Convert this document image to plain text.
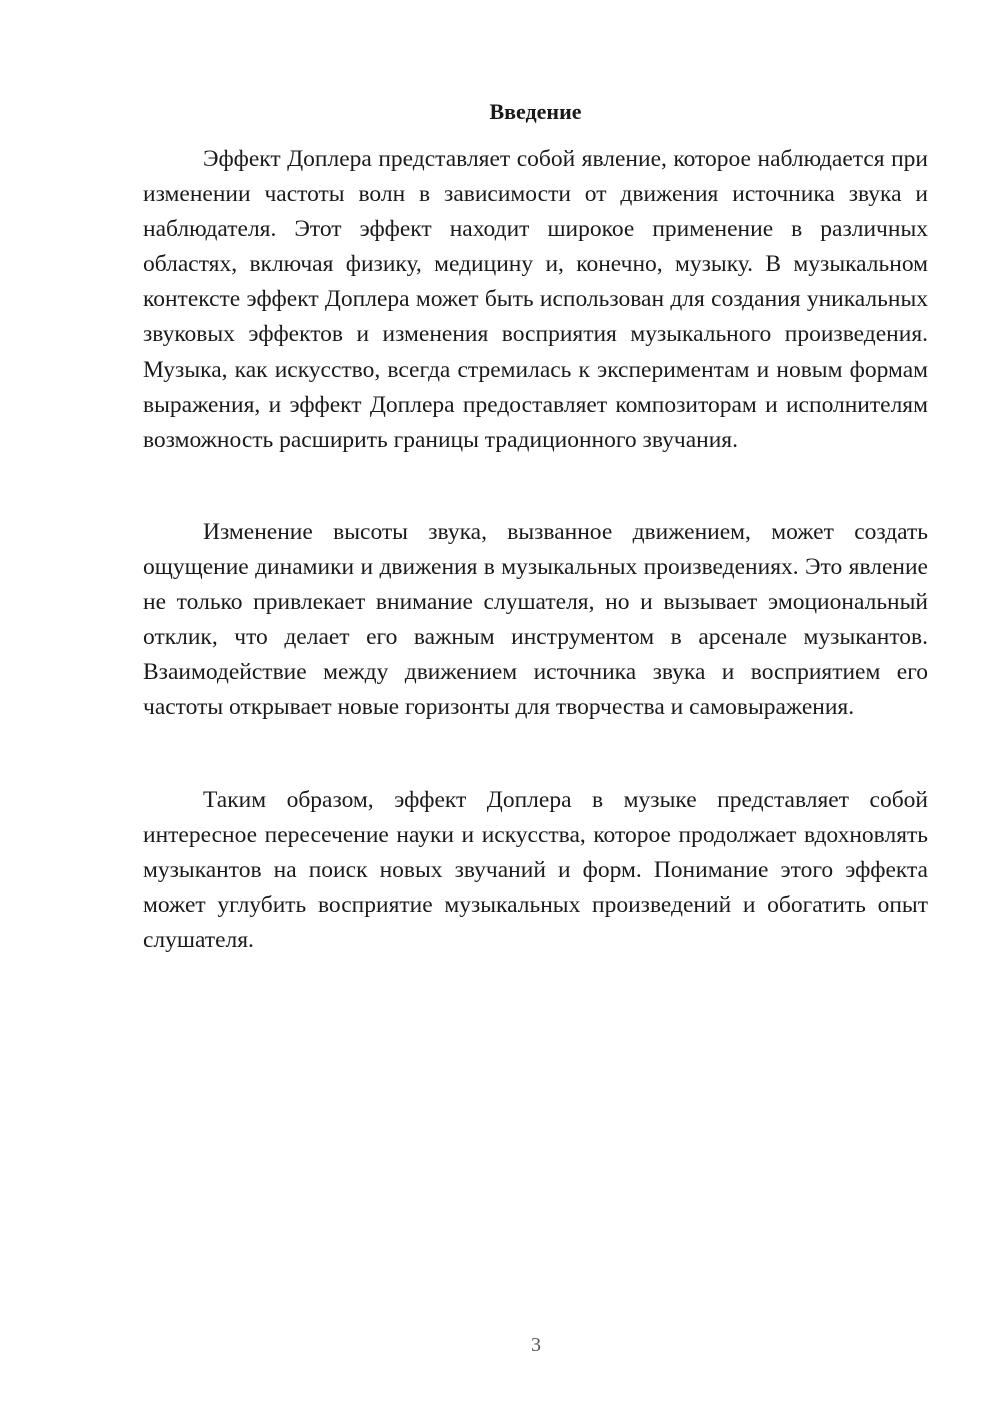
Введение

Эффект Доплера представляет собой явление, которое наблюдается при изменении частоты волн в зависимости от движения источника звука и наблюдателя. Этот эффект находит широкое применение в различных областях, включая физику, медицину и, конечно, музыку. В музыкальном контексте эффект Доплера может быть использован для создания уникальных звуковых эффектов и изменения восприятия музыкального произведения. Музыка, как искусство, всегда стремилась к экспериментам и новым формам выражения, и эффект Доплера предоставляет композиторам и исполнителям возможность расширить границы традиционного звучания.

Изменение высоты звука, вызванное движением, может создать ощущение динамики и движения в музыкальных произведениях. Это явление не только привлекает внимание слушателя, но и вызывает эмоциональный отклик, что делает его важным инструментом в арсенале музыкантов. Взаимодействие между движением источника звука и восприятием его частоты открывает новые горизонты для творчества и самовыражения.

Таким образом, эффект Доплера в музыке представляет собой интересное пересечение науки и искусства, которое продолжает вдохновлять музыкантов на поиск новых звучаний и форм. Понимание этого эффекта может углубить восприятие музыкальных произведений и обогатить опыт слушателя.

3
